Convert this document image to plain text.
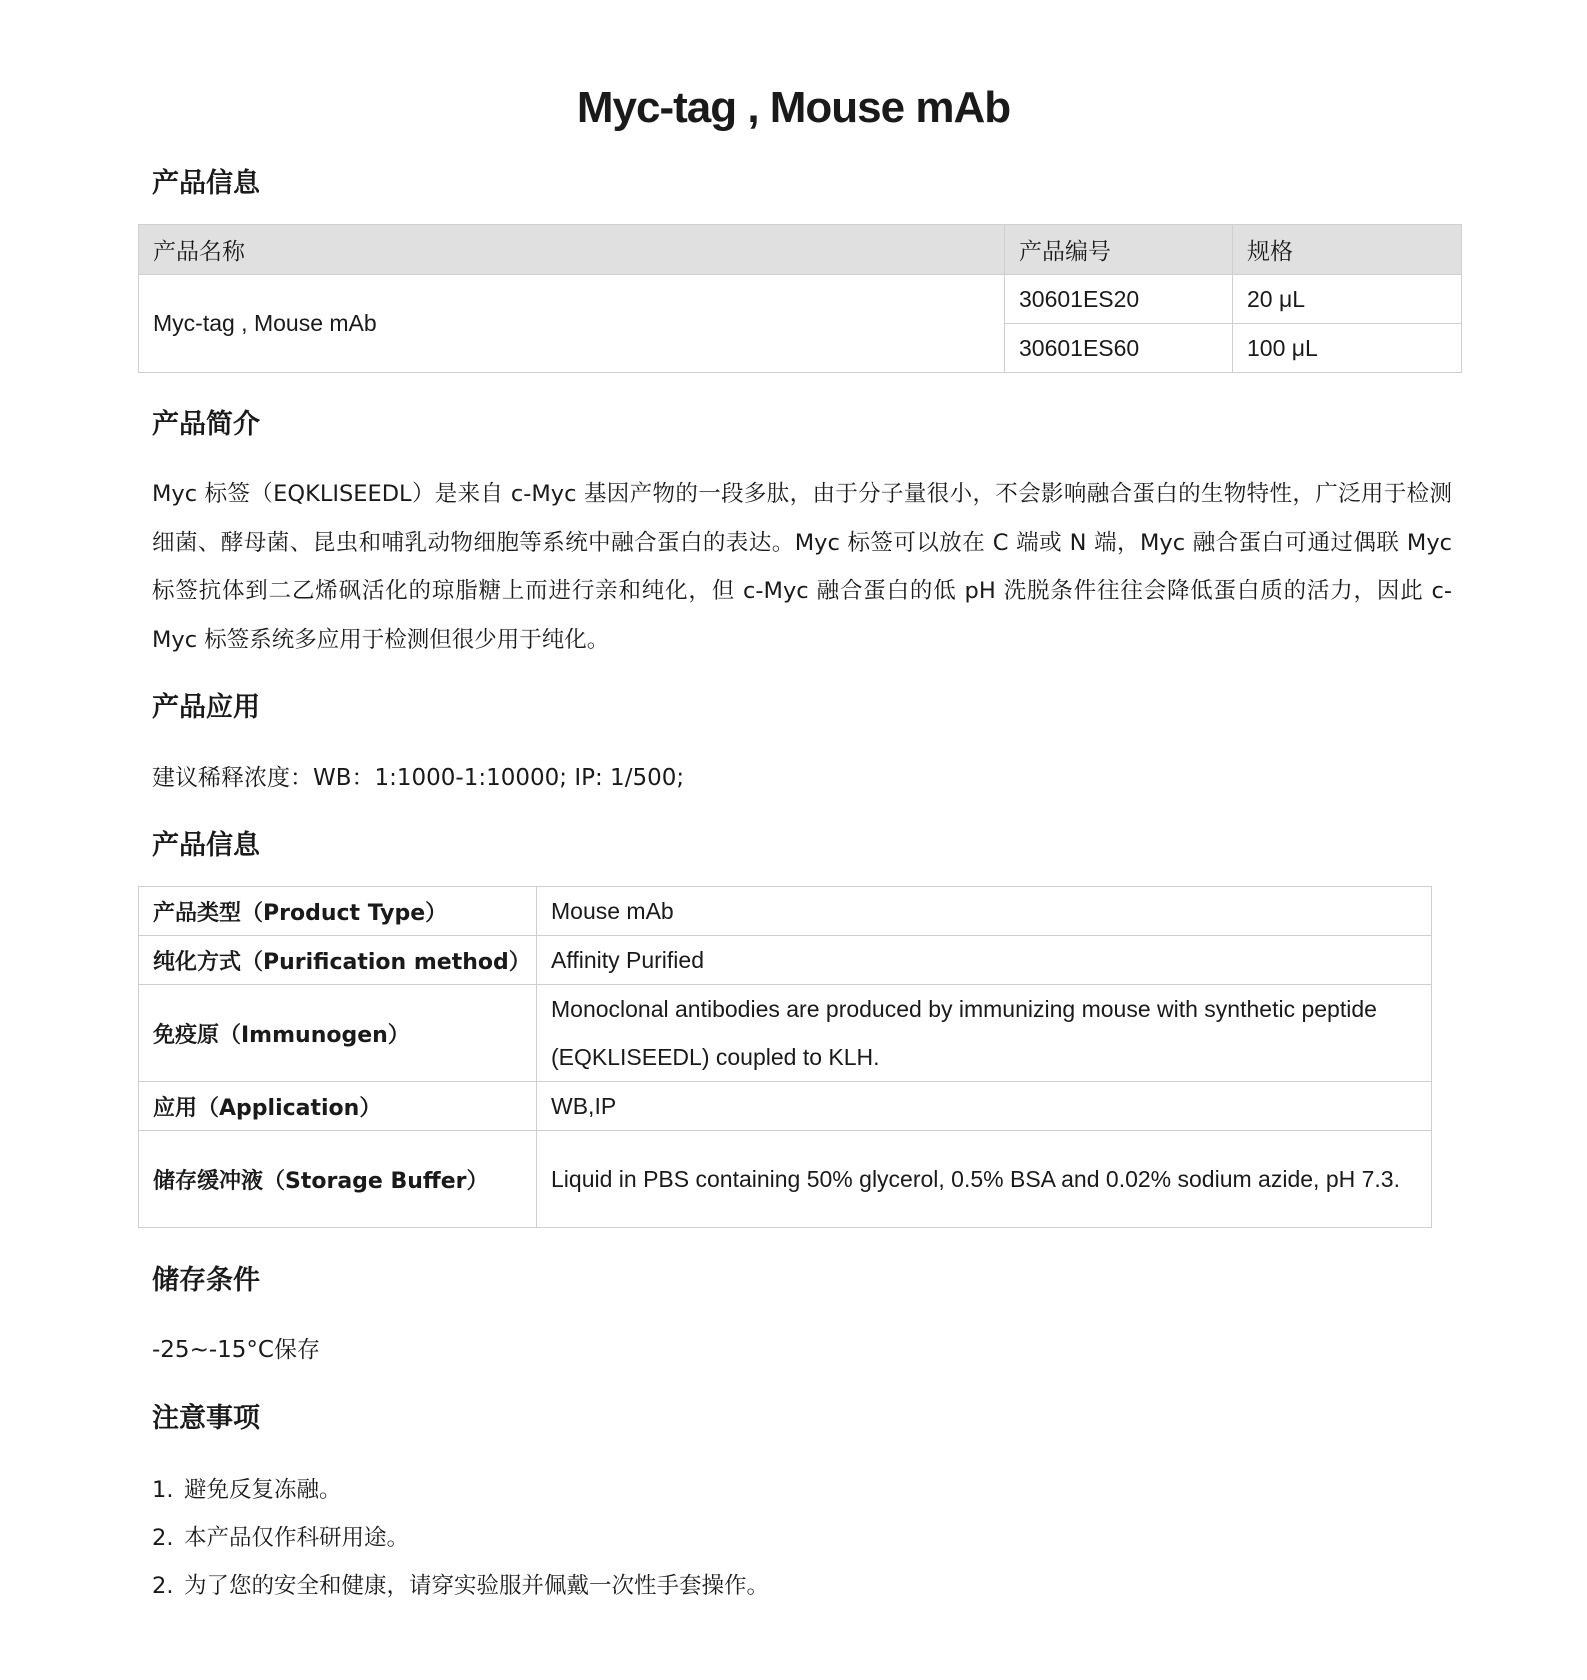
Myc-tag , Mouse mAb
产品信息
产品名称	产品编号	规格
Myc-tag , Mouse mAb	30601ES20	20 μL
	30601ES60	100 μL
产品简介

Myc 标签（EQKLISEEDL）是来自 c-Myc 基因产物的一段多肽，由于分子量很小，不会影响融合蛋白的生物特性，广泛用于检测细菌、酵母菌、昆虫和哺乳动物细胞等系统中融合蛋白的表达。Myc 标签可以放在 C 端或 N 端，Myc 融合蛋白可通过偶联 Myc 标签抗体到二乙烯砜活化的琼脂糖上而进行亲和纯化，但 c-Myc 融合蛋白的低 pH 洗脱条件往往会降低蛋白质的活力，因此 c-Myc 标签系统多应用于检测但很少用于纯化。

产品应用

建议稀释浓度：WB：1:1000-1:10000; IP: 1/500;

产品信息
产品类型（Product Type）	Mouse mAb
纯化方式（Purification method）	Affinity Purified
免疫原（Immunogen）	Monoclonal antibodies are produced by immunizing mouse with synthetic peptide (EQKLISEEDL) coupled to KLH.
应用（Application）	WB,IP
储存缓冲液（Storage Buffer）	Liquid in PBS containing 50% glycerol, 0.5% BSA and 0.02% sodium azide, pH 7.3.
储存条件

-25~-15°C保存

注意事项
1. 避免反复冻融。
2. 本产品仅作科研用途。
2. 为了您的安全和健康，请穿实验服并佩戴一次性手套操作。
